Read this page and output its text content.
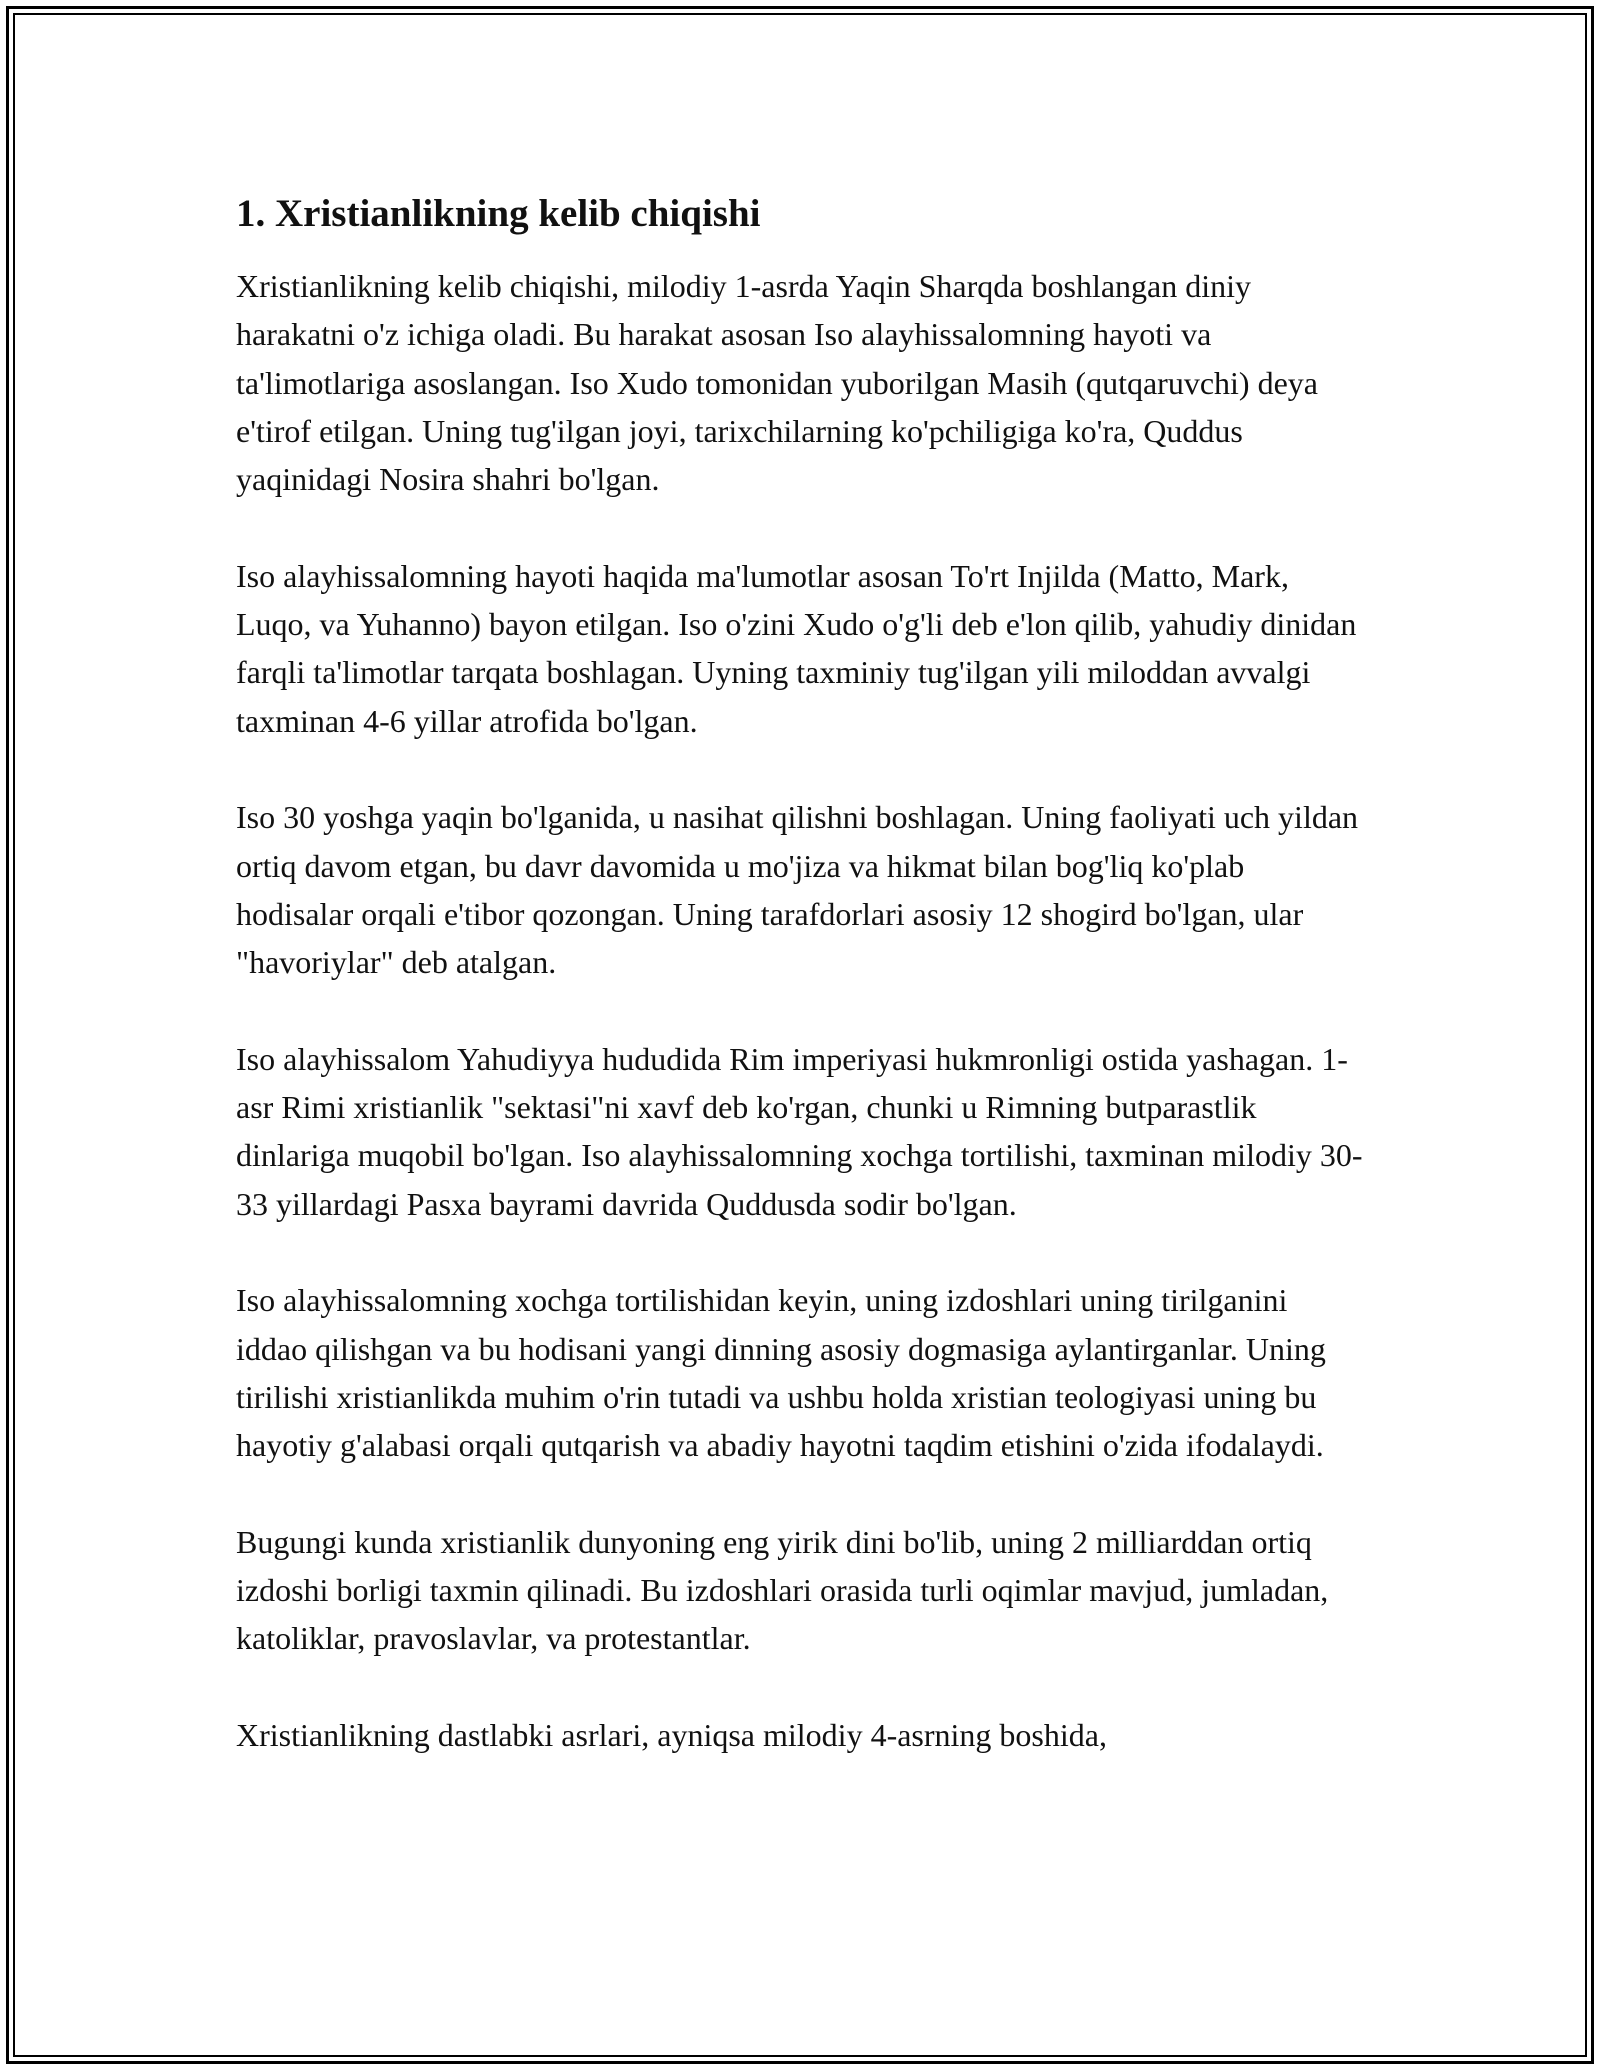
1. Xristianlikning kelib chiqishi

Xristianlikning kelib chiqishi, milodiy 1-asrda Yaqin Sharqda boshlangan diniy harakatni o'z ichiga oladi. Bu harakat asosan Iso alayhissalomning hayoti va ta'limotlariga asoslangan. Iso Xudo tomonidan yuborilgan Masih (qutqaruvchi) deya e'tirof etilgan. Uning tug'ilgan joyi, tarixchilarning ko'pchiligiga ko'ra, Quddus yaqinidagi Nosira shahri bo'lgan.

Iso alayhissalomning hayoti haqida ma'lumotlar asosan To'rt Injilda (Matto, Mark, Luqo, va Yuhanno) bayon etilgan. Iso o'zini Xudo o'g'li deb e'lon qilib, yahudiy dinidan farqli ta'limotlar tarqata boshlagan. Uyning taxminiy tug'ilgan yili miloddan avvalgi taxminan 4-6 yillar atrofida bo'lgan.

Iso 30 yoshga yaqin bo'lganida, u nasihat qilishni boshlagan. Uning faoliyati uch yildan ortiq davom etgan, bu davr davomida u mo'jiza va hikmat bilan bog'liq ko'plab hodisalar orqali e'tibor qozongan. Uning tarafdorlari asosiy 12 shogird bo'lgan, ular "havoriylar" deb atalgan.

Iso alayhissalom Yahudiyya hududida Rim imperiyasi hukmronligi ostida yashagan. 1-asr Rimi xristianlik "sektasi"ni xavf deb ko'rgan, chunki u Rimning butparastlik dinlariga muqobil bo'lgan. Iso alayhissalomning xochga tortilishi, taxminan milodiy 30-33 yillardagi Pasxa bayrami davrida Quddusda sodir bo'lgan.

Iso alayhissalomning xochga tortilishidan keyin, uning izdoshlari uning tirilganini iddao qilishgan va bu hodisani yangi dinning asosiy dogmasiga aylantirganlar. Uning tirilishi xristianlikda muhim o'rin tutadi va ushbu holda xristian teologiyasi uning bu hayotiy g'alabasi orqali qutqarish va abadiy hayotni taqdim etishini o'zida ifodalaydi.

Bugungi kunda xristianlik dunyoning eng yirik dini bo'lib, uning 2 milliarddan ortiq izdoshi borligi taxmin qilinadi. Bu izdoshlari orasida turli oqimlar mavjud, jumladan, katoliklar, pravoslavlar, va protestantlar.

Xristianlikning dastlabki asrlari, ayniqsa milodiy 4-asrning boshida,
